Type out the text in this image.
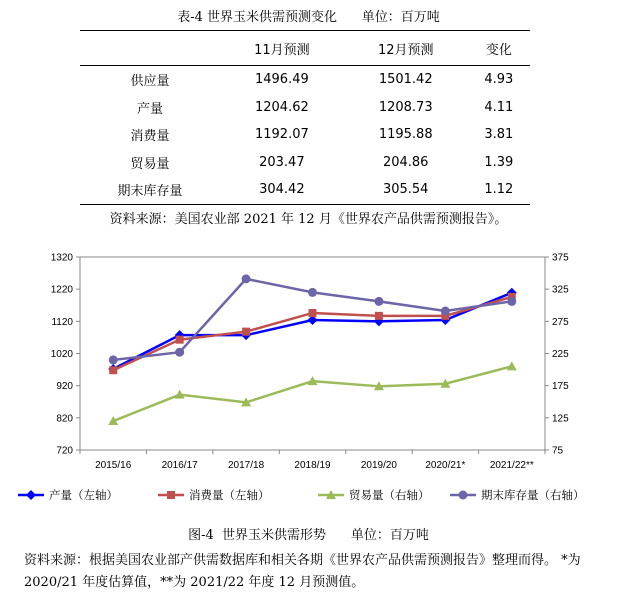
表-4 世界玉米供需预测变化      单位：百万吨
	11月预测	12月预测	变化
供应量	1496.49	1501.42	4.93
产量	1204.62	1208.73	4.11
消费量	1192.07	1195.88	3.81
贸易量	203.47	204.86	1.39
期末库存量	304.42	305.54	1.12
资料来源：美国农业部 2021 年 12 月《世界农产品供需预测报告》。
720
820
920
1020
1120
1220
1320
75
125
175
225
275
325
375
2015/16	2016/17	2017/18	2018/19	2019/20	2020/21* 2021/22**
产量（左轴）	消费量（左轴）	贸易量（右轴）	期末库存量（右轴）
图-4  世界玉米供需形势      单位：百万吨
资料来源：根据美国农业部产供需数据库和相关各期《世界农产品供需预测报告》整理而得。 *为 2020/21 年度估算值，**为 2021/22 年度 12 月预测值。
